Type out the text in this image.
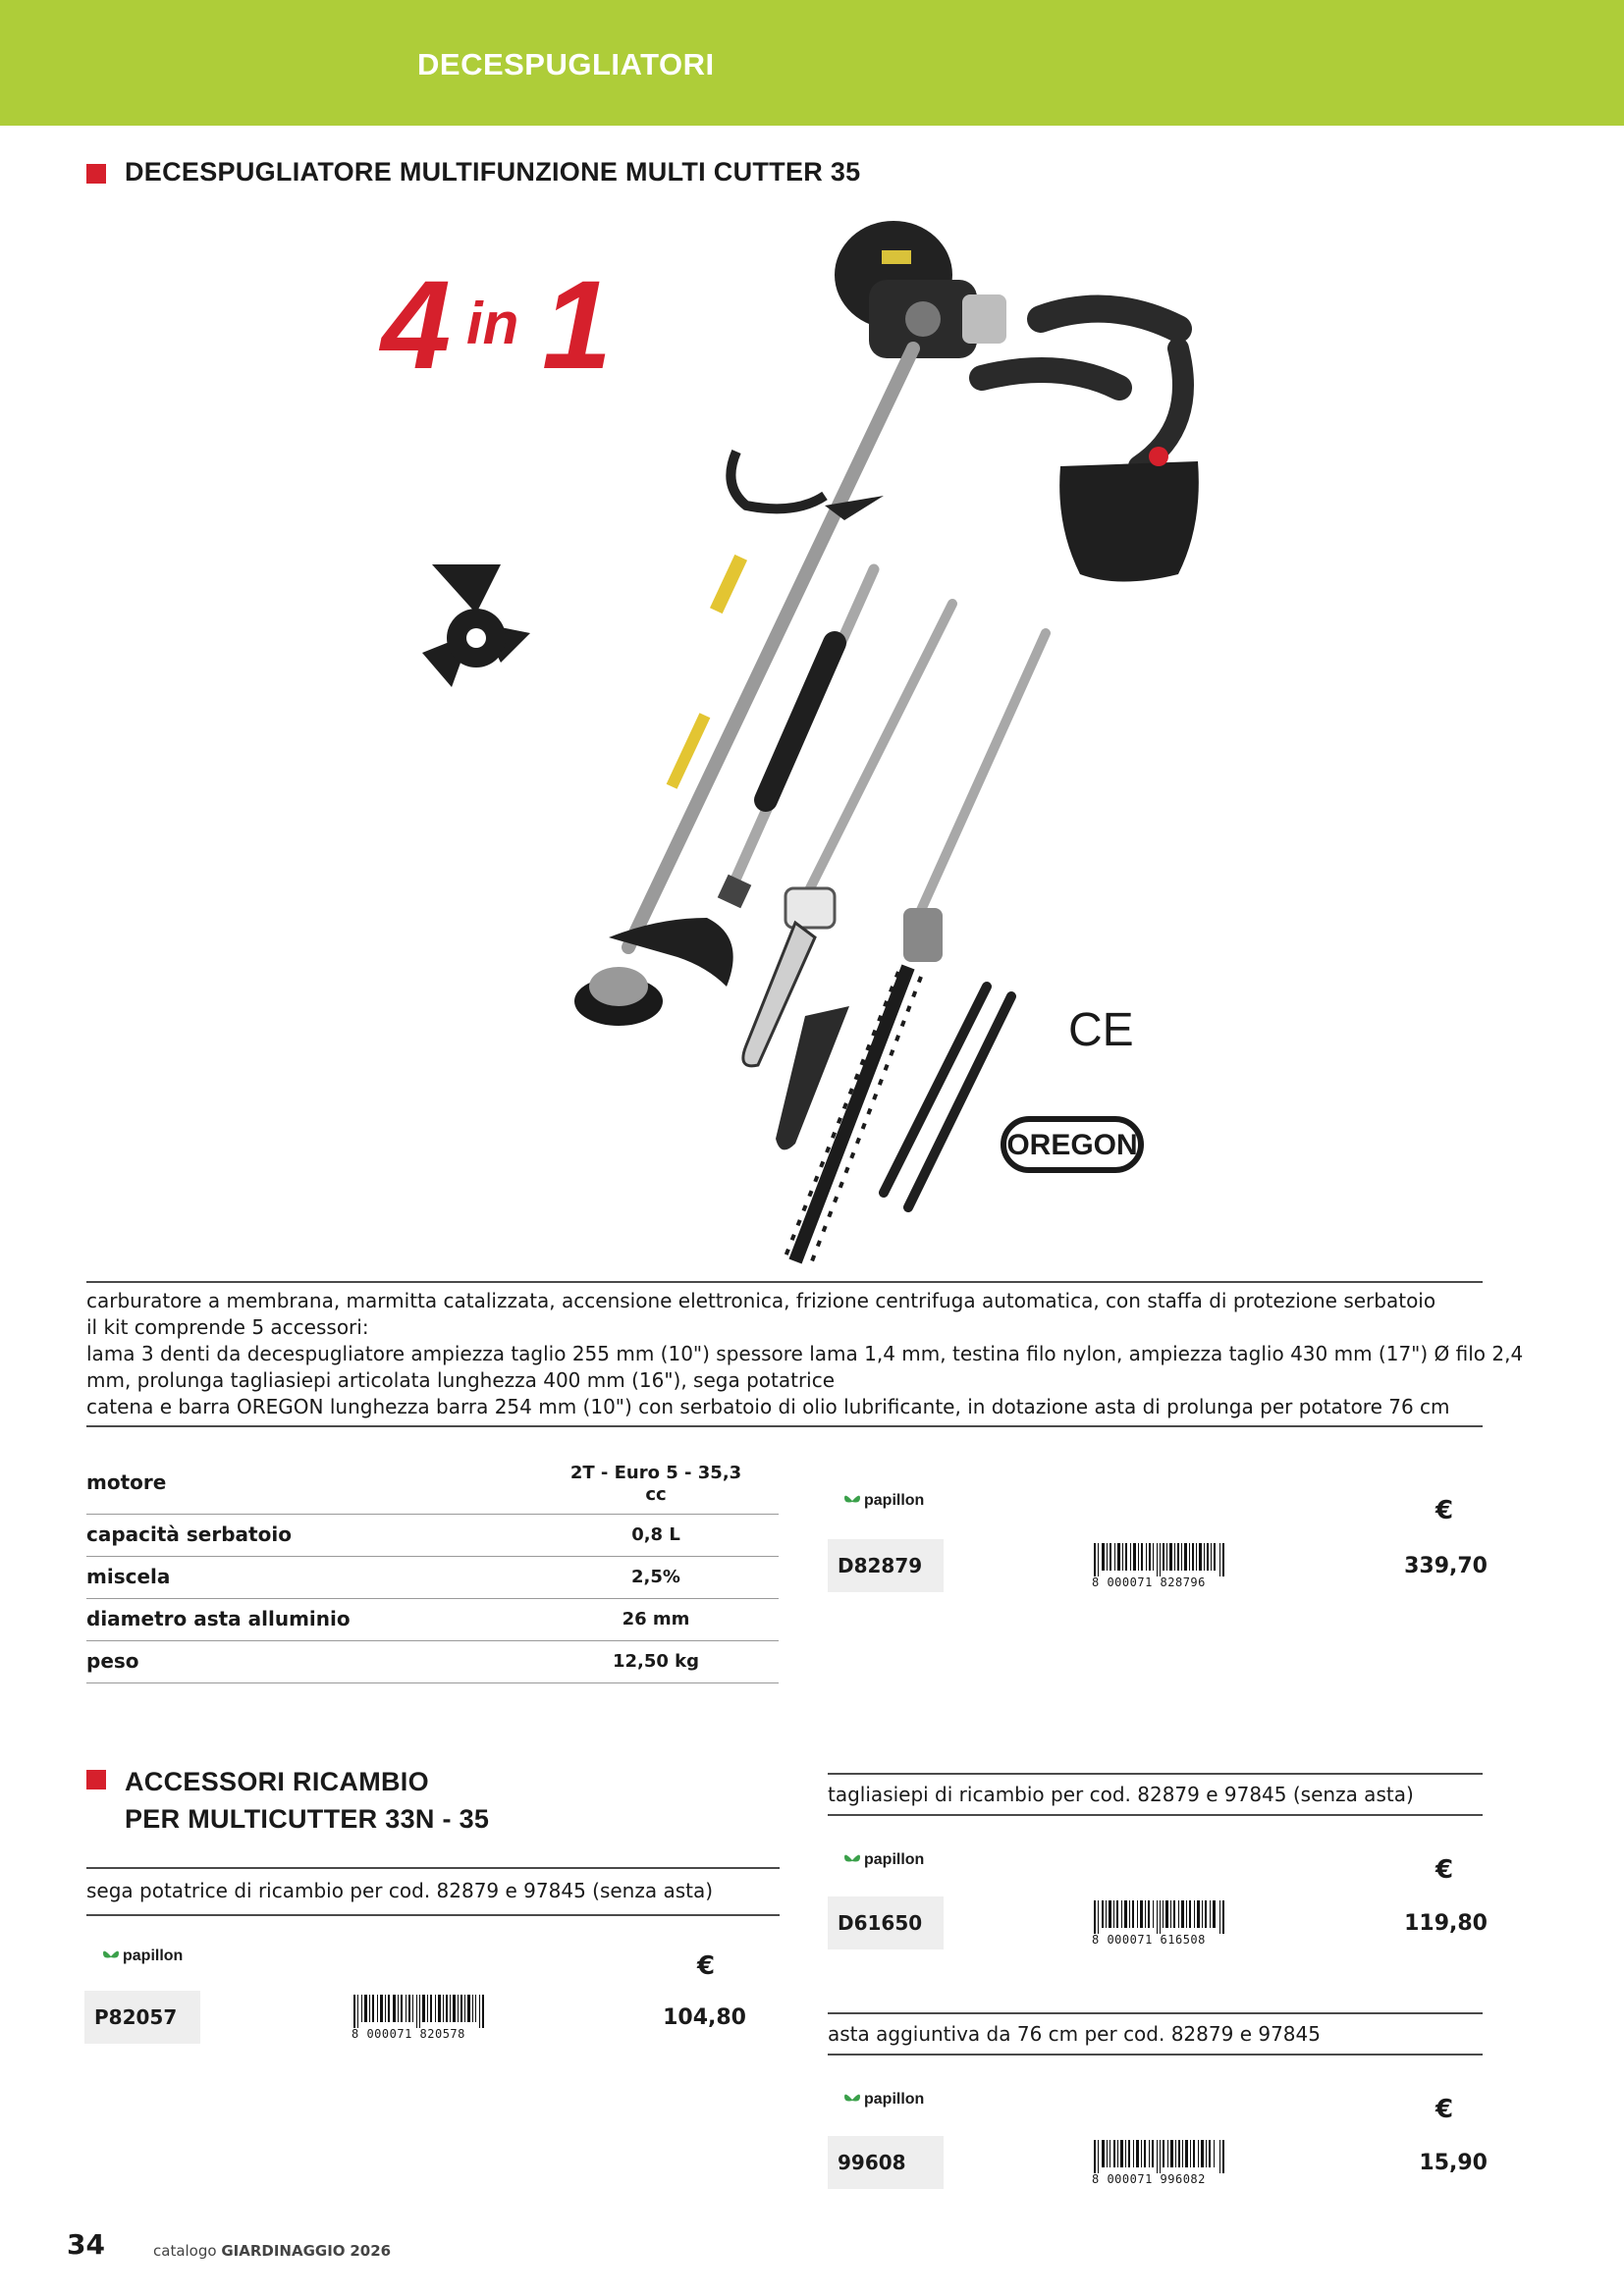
DECESPUGLIATORI
DECESPUGLIATORE MULTIFUNZIONE MULTI CUTTER 35
4 in 1
OREGON
CE
carburatore a membrana, marmitta catalizzata, accensione elettronica, frizione centrifuga automatica, con staffa di protezione serbatoio
il kit comprende 5 accessori:
lama 3 denti da decespugliatore ampiezza taglio 255 mm (10") spessore lama 1,4 mm, testina filo nylon, ampiezza taglio 430 mm (17") Ø filo 2,4
mm, prolunga tagliasiepi articolata lunghezza 400 mm (16"), sega potatrice
catena e barra OREGON lunghezza barra 254 mm (10") con serbatoio di olio lubrificante, in dotazione asta di prolunga per potatore 76 cm
motore	2T - Euro 5 - 35,3
cc
capacità serbatoio	0,8 L
miscela	2,5%
diametro asta alluminio	26 mm
peso	12,50 kg
papillon	€
D82879
8 000071 828796
339,70
ACCESSORI RICAMBIO
PER MULTICUTTER 33N - 35
sega potatrice di ricambio per cod. 82879 e 97845 (senza asta)
papillon	€
P82057
8 000071 820578
104,80
tagliasiepi di ricambio per cod. 82879 e 97845 (senza asta)
papillon	€
D61650
8 000071 616508
119,80
asta aggiuntiva da 76 cm per cod. 82879 e 97845
papillon	€
99608
8 000071 996082
15,90
34	catalogo GIARDINAGGIO 2026
